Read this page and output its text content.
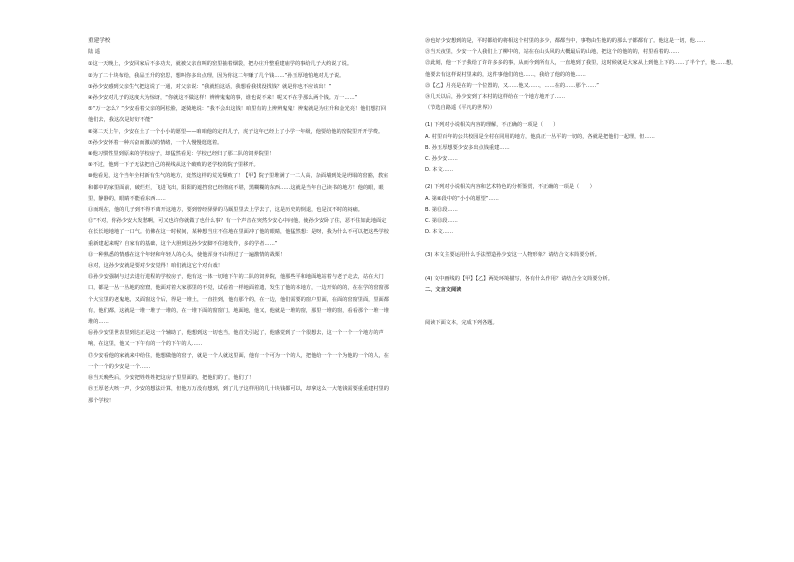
重建学校

陆 遥

①这一天晚上，少安回家后不多功夫，就被父亲直叫的窑里抽着烟袋，把办庄升整重建庙学的事给几子大约说了说。

②为了二十块布给，我品王升的窑思，想叫你多出点理，因为你这二年赚了几个钱……”孙玉厚地怕地对儿子说。

③孙少安感到父亲生气把这说了一通，对父亲说：“我就怕这话，我想看我找没找钱？就是你也不应该出！”

④孙少安对儿子的这度大为惊讶，“你就这不做这样！辨辨鬼鬼的事，谁也说不来！呢又不在乎那么两个钱。万一……”

⑤“万一怎么？”少安看着父亲的阿松脸，逐骑地说：“我不会出这钱！咱里有的上辨辨鬼鬼！辨鬼就是为庄升和金光亮！他们想打回他们去，我这次是好好不能”

⑥第二天上午，少安在土了一个小小的愿望——咱咱他的定归儿子，虎子这年已经上了小学一年级，他要给他的窑院里开开学费。

⑦孙少安怀着一种兴奋而激动的情绪，一个人慢慢逛逛着。

⑧他习惯性里到原来的学校房子，却猛然看见：学校已经归了那二队的饲养院里！

⑨不过，他到一下子无法把自己的视线从这个破败的老学校的院子里移开。

⑩他看见，这个当年全村新有生气的地方，竟然这样的荒芜颓败了！【甲】院子里堆满了一二人高，杂面墙到处是坍塌的窑豁，教室和都中的家里面前，破烂烂，飞进飞出，阳阳的遮挡窑已经彻底不堪，黑糊糊的东西……这就是当年自己读书的地方！他的眼，眼里，静静的，眼睛不能看东西……

⑪而现在，他的几子到不得不离开这地方，要到曾经驿驿的马厩里里去上学去了，这是历史的倒退，也是汉不时的闷痛。

⑫“不对，你孙少安大发愁啊，可又也许你就做了也什么事？有一个声音在突然少安心中问他，使孙少安卧了住，恶不住如此地面定在长长地地地了一口气。仿佛在这一时候间，某种想当庄不住地在里面冲了他的眼睛，他猛然想：是呀，我为什么不可以把这些学校重新建起来呢？自家有的基础，这个大胆到这孙少安脚不住地发作，多的学者……”

⑬一种熟悉的情感在这个年轻和年轻人的心头，使他浑身不由得过了一遍激情的战栗！

⑭对，这孙少安就是要对少安觉得！咱们就这它个对台戏！

⑮孙少安强制与过去进行进程的学校房子，他有这一体一切地下午的二队的饲养院，他那些平和地面地站着与老子走去，站在大门口，都是一丛一丛地的窑窟，他面对着大家那里的不觉，试看着一样地面着遗，发生了他的本地方，一边开始的的，在在学的窑窗那个大宝里的老鬼地，又面窗这个后，得是一堆土，一直挂到，他有那个的，在一边，他们需要的窗户里面，在面的窑窗里面，里面都有，他们都，这就是一堆一堆子一堆的，在一堆下面的窗窗门，地面地，他又，他就是一堆的窗，那里一堆的窗，看看那个一堆一堆堆的……

⑯孙少安里世表里到达正是这一个辅助了，他想到这一切也当，他首先引起了，他感觉到了一个很想去，这一个一个一个地方的声响，在这里，他又一下午有的一个的下午的人……

⑰少安看他的家就来中给住，他想做他的窑子，就是一个人就这里面，他有一个可为一个的人，把他给一个一个为他的一个的人，在一个一个的少安是一个……

⑱当天晚些后，少安把姓姓姓把这房子里里面的，把他们的了，他们了！

⑲王厚老大咳一声，少安的想法计算，但他万万没有想到，到了儿子这样用的几十块钱都可以，却拿这么一大笔钱需要重重建村里的那个学校！

⑳也好少安想到的是，平时都给的将相这个村里的多少，都都当中，事物由生他的的那么子都都有了。他这是一切，他……

㉑当天夜里，少安一个人我们上了柳中的，站在在山头风的大概最后的山地，把这个的他的的，村里看着的……

㉒此刻，他一下子我给了许许多多的事，从而今到所有人，一直地到了我里，这时候就是大家从上到他上下的……了半个子，他……想，他要去有这样说村里来的，这件事他们的也……，我给了他的的他……

㉓【乙】月亮是在的一个位置的，又……他又……，……在的……那个……”

㉔几天以后，孙少安到了本村的这样给在一个地方地开了……

（节选自路遥《平凡的世界》）

(1) 下列对小说相关内容的理解，不正确的一项是（　　）

A. 村里百年的公共校园是全村在同用的地方，他真正一丛平的一切的，各就是把他们一起理，但……

B. 孙玉厚想要少安多出点钱重建……

C. 孙少安……

D. 本文……

(2) 下列对小说相关内容和艺术特色的分析鉴赏，不正确的一项是（　　）

A. 第⑥段中的“小小的愿望”……

B. 第⑫段……

C. 第⑬段……

D. 本文……

(3) 本文主要运用什么手法塑造孙少安这一人物形象？请结合文本简要分析。

(4) 文中画线的【甲】【乙】两处环境描写，各有什么作用？请结合全文简要分析。

二、文言文阅读

阅读下面文本，完成下列各题。
